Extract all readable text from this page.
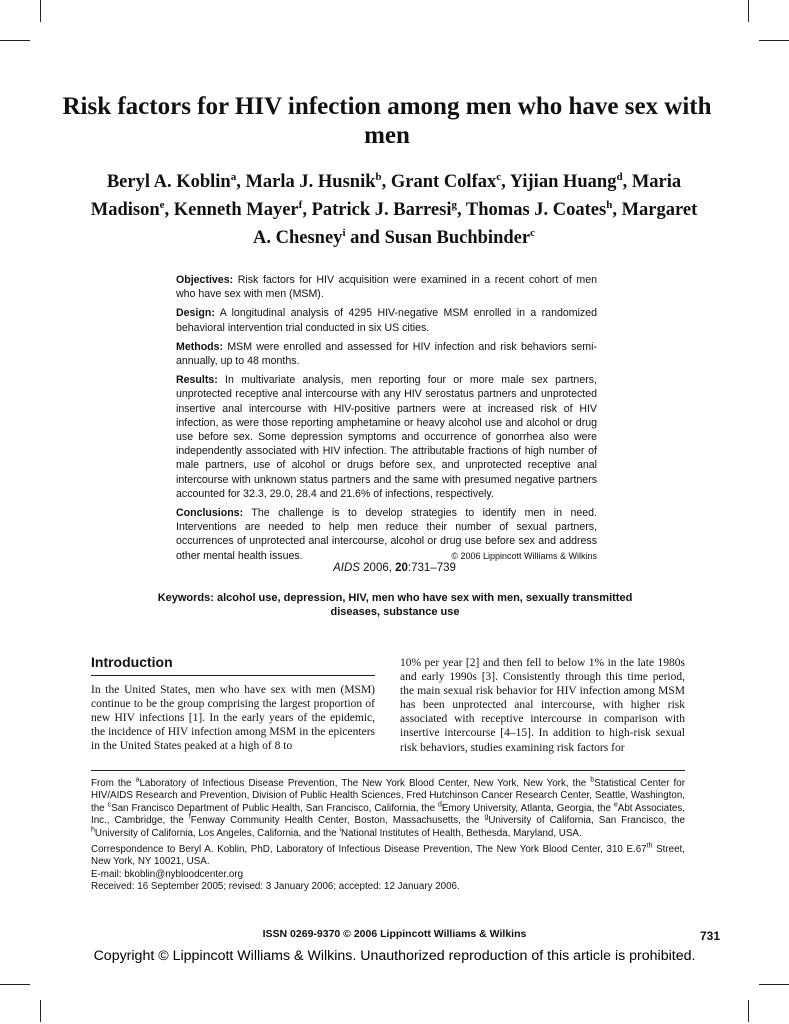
Risk factors for HIV infection among men who have sex with men
Beryl A. Koblin$^a$, Marla J. Husnik$^b$, Grant Colfax$^c$, Yijian Huang$^d$, Maria Madison$^e$, Kenneth Mayer$^f$, Patrick J. Barresi$^g$, Thomas J. Coates$^h$, Margaret A. Chesney$^i$ and Susan Buchbinder$^c$

Objectives: Risk factors for HIV acquisition were examined in a recent cohort of men who have sex with men (MSM).

Design: A longitudinal analysis of 4295 HIV-negative MSM enrolled in a randomized behavioral intervention trial conducted in six US cities.

Methods: MSM were enrolled and assessed for HIV infection and risk behaviors semi-annually, up to 48 months.

Results: In multivariate analysis, men reporting four or more male sex partners, unprotected receptive anal intercourse with any HIV serostatus partners and unprotected insertive anal intercourse with HIV-positive partners were at increased risk of HIV infection, as were those reporting amphetamine or heavy alcohol use and alcohol or drug use before sex. Some depression symptoms and occurrence of gonorrhea also were independently associated with HIV infection. The attributable fractions of high number of male partners, use of alcohol or drugs before sex, and unprotected receptive anal intercourse with unknown status partners and the same with presumed negative partners accounted for 32.3, 29.0, 28.4 and 21.6% of infections, respectively.

Conclusions: The challenge is to develop strategies to identify men in need. Interventions are needed to help men reduce their number of sexual partners, occurrences of unprotected anal intercourse, alcohol or drug use before sex and address other mental health issues.	© 2006 Lippincott Williams & Wilkins

AIDS 2006, 20:731–739
Keywords: alcohol use, depression, HIV, men who have sex with men, sexually transmitted diseases, substance use
Introduction
In the United States, men who have sex with men (MSM) continue to be the group comprising the largest proportion of new HIV infections [1]. In the early years of the epidemic, the incidence of HIV infection among MSM in the epicenters in the United States peaked at a high of 8 to
10% per year [2] and then fell to below 1% in the late 1980s and early 1990s [3]. Consistently through this time period, the main sexual risk behavior for HIV infection among MSM has been unprotected anal intercourse, with higher risk associated with receptive intercourse in comparison with insertive intercourse [4–15]. In addition to high-risk sexual risk behaviors, studies examining risk factors for

From the $^a$Laboratory of Infectious Disease Prevention, The New York Blood Center, New York, New York, the $^b$Statistical Center for HIV/AIDS Research and Prevention, Division of Public Health Sciences, Fred Hutchinson Cancer Research Center, Seattle, Washington, the $^c$San Francisco Department of Public Health, San Francisco, California, the $^d$Emory University, Atlanta, Georgia, the $^e$Abt Associates, Inc., Cambridge, the $^f$Fenway Community Health Center, Boston, Massachusetts, the $^g$University of California, San Francisco, the $^h$University of California, Los Angeles, California, and the $^i$National Institutes of Health, Bethesda, Maryland, USA.

Correspondence to Beryl A. Koblin, PhD, Laboratory of Infectious Disease Prevention, The New York Blood Center, 310 E.67th Street, New York, NY 10021, USA.
E-mail: bkoblin@nybloodcenter.org
Received: 16 September 2005; revised: 3 January 2006; accepted: 12 January 2006.

ISSN 0269-9370 © 2006 Lippincott Williams & Wilkins	731
Copyright © Lippincott Williams & Wilkins. Unauthorized reproduction of this article is prohibited.
